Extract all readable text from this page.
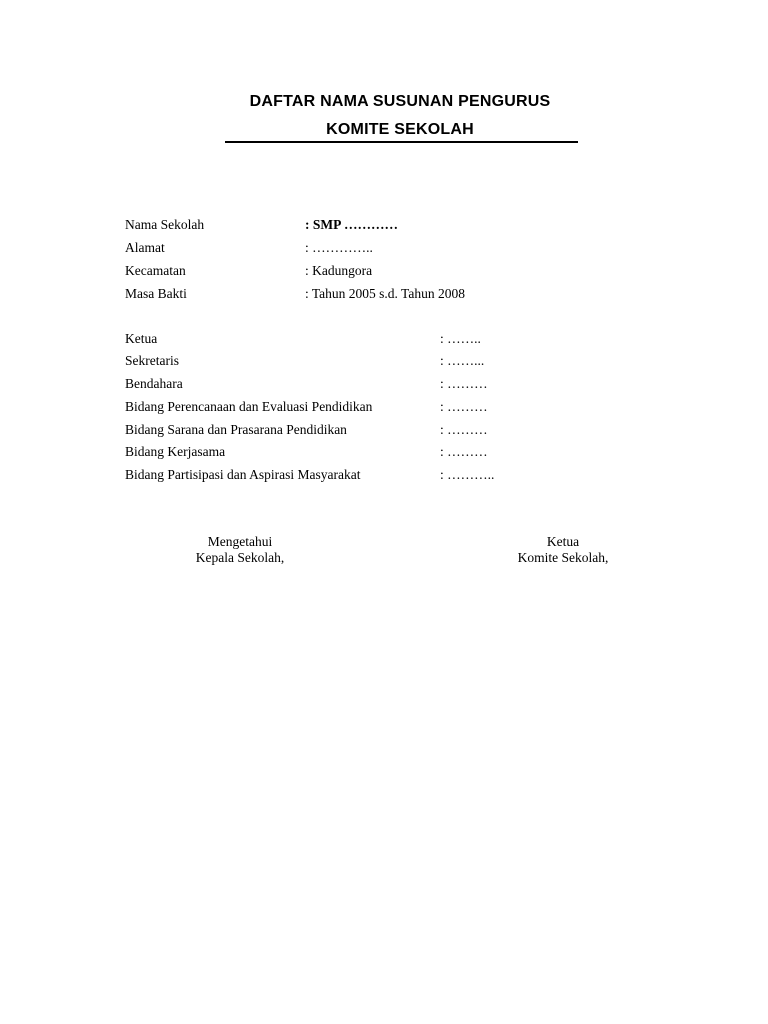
DAFTAR NAMA SUSUNAN PENGURUS
KOMITE SEKOLAH
Nama Sekolah	: SMP …………
Alamat	: …………..
Kecamatan	: Kadungora
Masa Bakti	: Tahun 2005 s.d. Tahun 2008
Ketua	: ……..
Sekretaris	: ……...
Bendahara	: ………
Bidang Perencanaan dan Evaluasi Pendidikan	: ………
Bidang Sarana dan Prasarana Pendidikan	: ………
Bidang Kerjasama	: ………
Bidang Partisipasi dan Aspirasi Masyarakat	: ………..
Mengetahui
Kepala Sekolah,
Ketua
Komite Sekolah,
